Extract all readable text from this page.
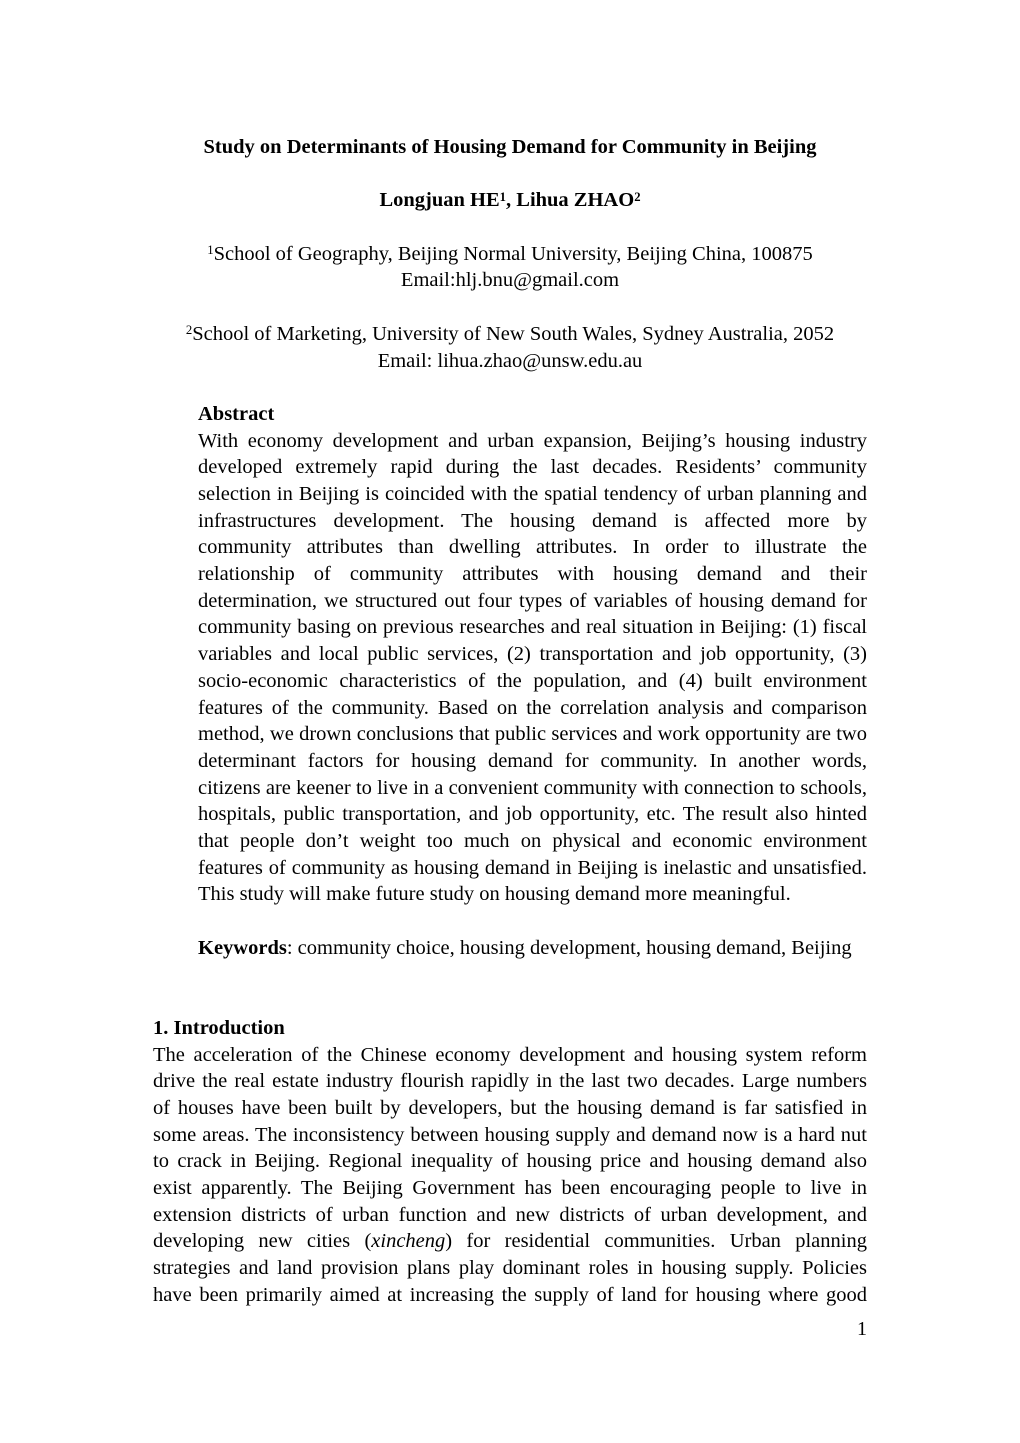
Study on Determinants of Housing Demand for Community in Beijing
Longjuan $HE^1$, Lihua ZHAO$^2$
$^1$School of Geography, Beijing Normal University, Beijing China, 100875
Email:hlj.bnu@gmail.com
$^2$School of Marketing, University of New South Wales, Sydney Australia, 2052
Email: lihua.zhao@unsw.edu.au
Abstract
With economy development and urban expansion, Beijing’s housing industry
developed extremely rapid during the last decades. Residents’ community
selection in Beijing is coincided with the spatial tendency of urban planning and
infrastructures development. The housing demand is affected more by
community attributes than dwelling attributes. In order to illustrate the
relationship of community attributes with housing demand and their
determination, we structured out four types of variables of housing demand for
community basing on previous researches and real situation in Beijing: (1) fiscal
variables and local public services, (2) transportation and job opportunity, (3)
socio-economic characteristics of the population, and (4) built environment
features of the community. Based on the correlation analysis and comparison
method, we drown conclusions that public services and work opportunity are two
determinant factors for housing demand for community. In another words,
citizens are keener to live in a convenient community with connection to schools,
hospitals, public transportation, and job opportunity, etc. The result also hinted
that people don’t weight too much on physical and economic environment
features of community as housing demand in Beijing is inelastic and unsatisfied.
This study will make future study on housing demand more meaningful.
Keywords: community choice, housing development, housing demand, Beijing
1. Introduction
The acceleration of the Chinese economy development and housing system reform
drive the real estate industry flourish rapidly in the last two decades. Large numbers
of houses have been built by developers, but the housing demand is far satisfied in
some areas. The inconsistency between housing supply and demand now is a hard nut
to crack in Beijing. Regional inequality of housing price and housing demand also
exist apparently. The Beijing Government has been encouraging people to live in
extension districts of urban function and new districts of urban development, and
developing new cities (xincheng) for residential communities. Urban planning
strategies and land provision plans play dominant roles in housing supply. Policies
have been primarily aimed at increasing the supply of land for housing where good
1
